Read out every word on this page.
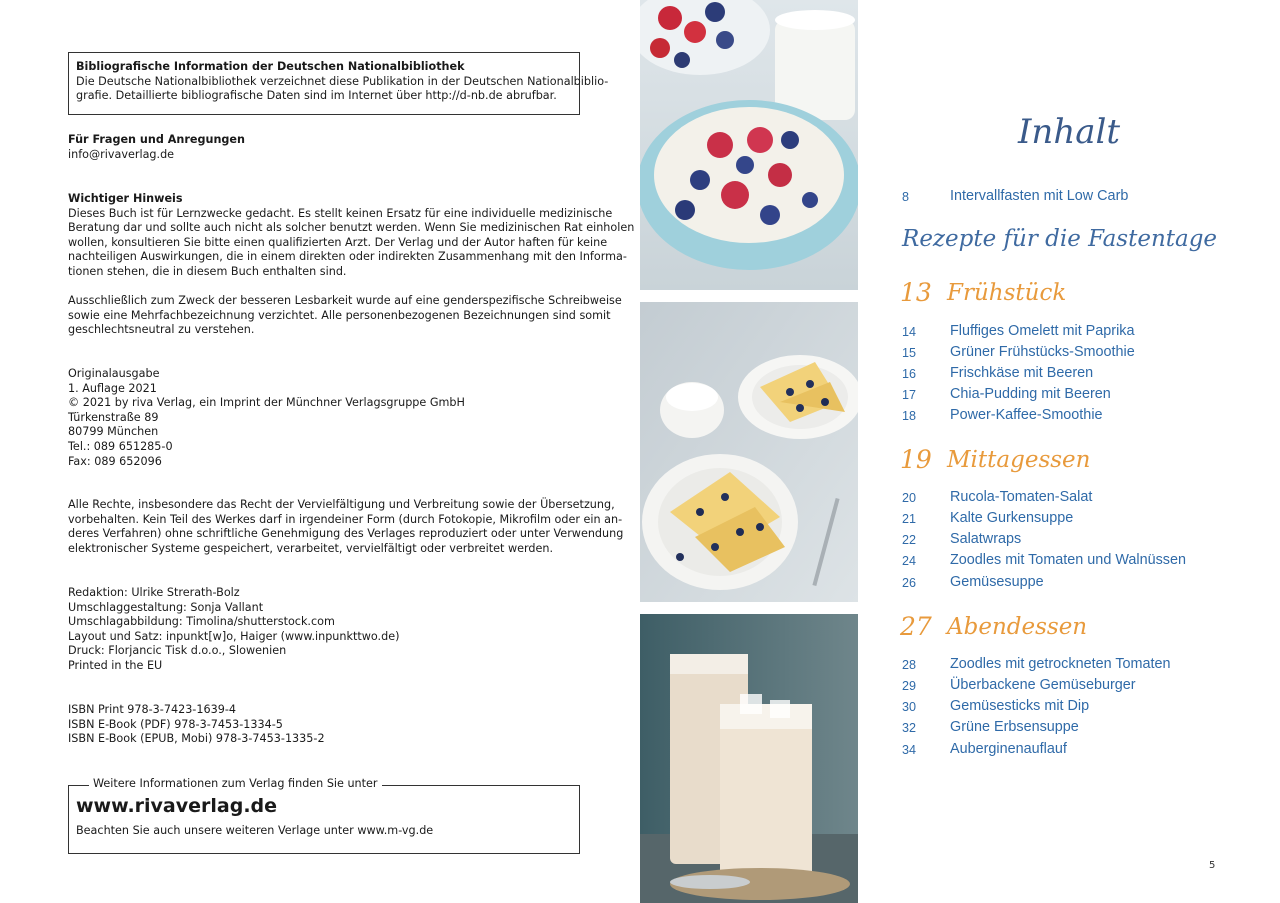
Bibliografische Information der Deutschen Nationalbibliothek
Die Deutsche Nationalbibliothek verzeichnet diese Publikation in der Deutschen Nationalbiblio-
grafie. Detaillierte bibliografische Daten sind im Internet über http://d-nb.de abrufbar.
Für Fragen und Anregungen
info@rivaverlag.de
Wichtiger Hinweis
Dieses Buch ist für Lernzwecke gedacht. Es stellt keinen Ersatz für eine individuelle medizinische
Beratung dar und sollte auch nicht als solcher benutzt werden. Wenn Sie medizinischen Rat einholen
wollen, konsultieren Sie bitte einen qualifizierten Arzt. Der Verlag und der Autor haften für keine
nachteiligen Auswirkungen, die in einem direkten oder indirekten Zusammenhang mit den Informa-
tionen stehen, die in diesem Buch enthalten sind.
Ausschließlich zum Zweck der besseren Lesbarkeit wurde auf eine genderspezifische Schreibweise
sowie eine Mehrfachbezeichnung verzichtet. Alle personenbezogenen Bezeichnungen sind somit
geschlechtsneutral zu verstehen.
Originalausgabe
1. Auflage 2021
© 2021 by riva Verlag, ein Imprint der Münchner Verlagsgruppe GmbH
Türkenstraße 89
80799 München
Tel.: 089 651285-0
Fax: 089 652096
Alle Rechte, insbesondere das Recht der Vervielfältigung und Verbreitung sowie der Übersetzung,
vorbehalten. Kein Teil des Werkes darf in irgendeiner Form (durch Fotokopie, Mikrofilm oder ein an-
deres Verfahren) ohne schriftliche Genehmigung des Verlages reproduziert oder unter Verwendung
elektronischer Systeme gespeichert, verarbeitet, vervielfältigt oder verbreitet werden.
Redaktion: Ulrike Strerath-Bolz
Umschlaggestaltung: Sonja Vallant
Umschlagabbildung: Timolina/shutterstock.com
Layout und Satz: inpunkt[w]o, Haiger (www.inpunkttwo.de)
Druck: Florjancic Tisk d.o.o., Slowenien
Printed in the EU
ISBN Print 978-3-7423-1639-4
ISBN E-Book (PDF) 978-3-7453-1334-5
ISBN E-Book (EPUB, Mobi) 978-3-7453-1335-2
Weitere Informationen zum Verlag finden Sie unter
www.rivaverlag.de
Beachten Sie auch unsere weiteren Verlage unter www.m-vg.de
Inhalt
8	Intervallfasten mit Low Carb
Rezepte für die Fastentage
13 Frühstück
14	Fluffiges Omelett mit Paprika
15	Grüner Frühstücks-Smoothie
16	Frischkäse mit Beeren
17	Chia-Pudding mit Beeren
18	Power-Kaffee-Smoothie
19 Mittagessen
20	Rucola-Tomaten-Salat
21	Kalte Gurkensuppe
22	Salatwraps
24	Zoodles mit Tomaten und Walnüssen
26	Gemüsesuppe
27 Abendessen
28	Zoodles mit getrockneten Tomaten
29	Überbackene Gemüseburger
30	Gemüsesticks mit Dip
32	Grüne Erbsensuppe
34	Auberginenauflauf
5
